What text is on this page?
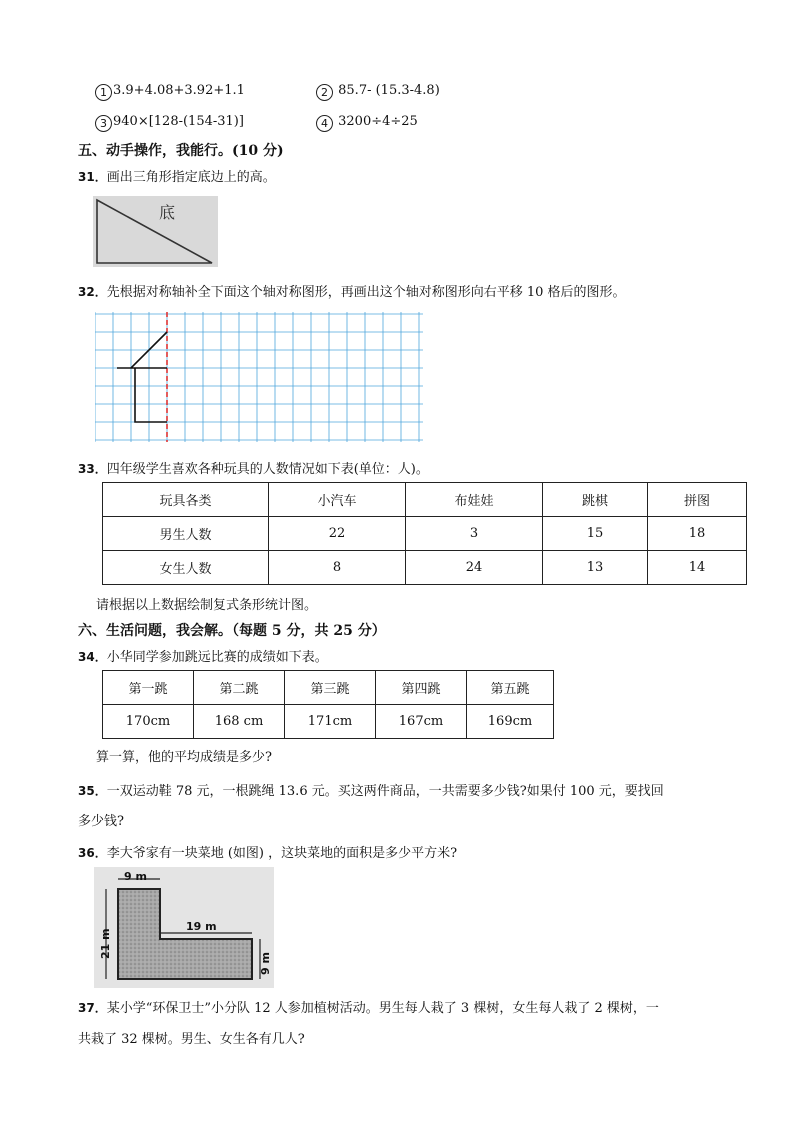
1 3.9+4.08+3.92+1.1	2 85.7- (15.3-4.8)
3 940×[128-(154-31)]	4 3200÷4÷25
五、动手操作，我能行。(10 分)
31．画出三角形指定底边上的高。
底
32．先根据对称轴补全下面这个轴对称图形，再画出这个轴对称图形向右平移 10 格后的图形。
33．四年级学生喜欢各种玩具的人数情况如下表(单位：人)。
玩具各类	小汽车	布娃娃	跳棋	拼图
男生人数	22	3	15	18
女生人数	8	24	13	14
请根据以上数据绘制复式条形统计图。
六、生活问题，我会解。（每题 5 分，共 25 分）
34．小华同学参加跳远比赛的成绩如下表。
第一跳	第二跳	第三跳	第四跳	第五跳
170cm	168 cm	171cm	167cm	169cm
算一算，他的平均成绩是多少?
35．一双运动鞋 78 元，一根跳绳 13.6 元。买这两件商品，一共需要多少钱?如果付 100 元，要找回
多少钱?
36．李大爷家有一块菜地 (如图) ，这块菜地的面积是多少平方米?
9 m
19 m
21 m
9 m
37．某小学“环保卫士”小分队 12 人参加植树活动。男生每人栽了 3 棵树，女生每人栽了 2 棵树，一
共栽了 32 棵树。男生、女生各有几人?
